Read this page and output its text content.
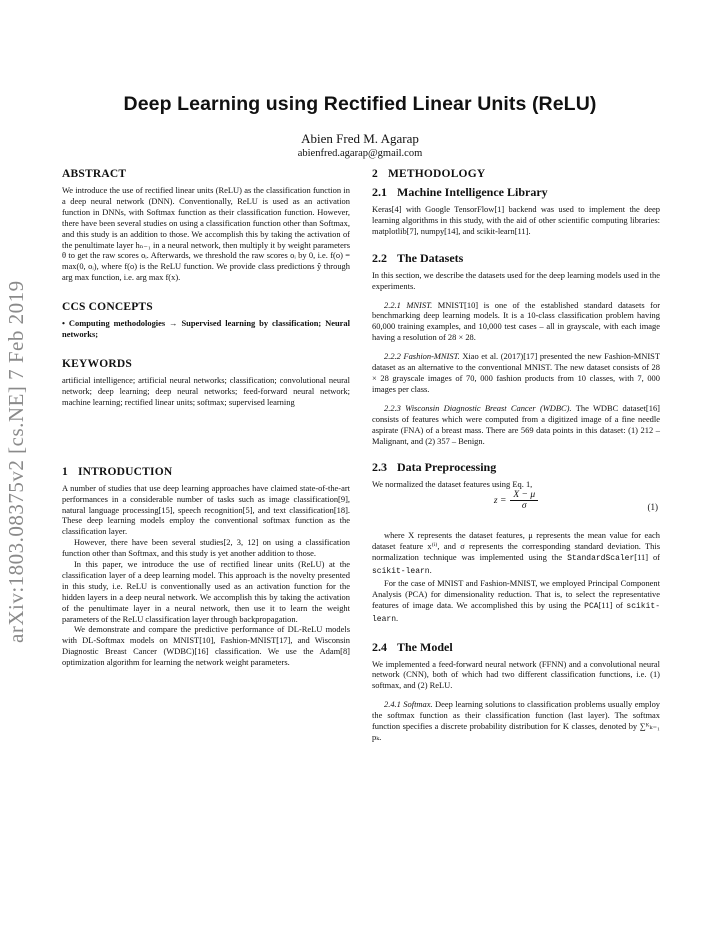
arXiv:1803.08375v2 [cs.NE] 7 Feb 2019
Deep Learning using Rectified Linear Units (ReLU)
Abien Fred M. Agarap
abienfred.agarap@gmail.com
ABSTRACT

We introduce the use of rectified linear units (ReLU) as the classification function in a deep neural network (DNN). Conventionally, ReLU is used as an activation function in DNNs, with Softmax function as their classification function. However, there have been several studies on using a classification function other than Softmax, and this study is an addition to those. We accomplish this by taking the activation of the penultimate layer hₙ₋₁ in a neural network, then multiply it by weight parameters θ to get the raw scores oᵢ. Afterwards, we threshold the raw scores oᵢ by 0, i.e. f(o) = max(0, oᵢ), where f(o) is the ReLU function. We provide class predictions ŷ through arg max function, i.e. arg max f(x).

CCS CONCEPTS

• Computing methodologies → Supervised learning by classification; Neural networks;

KEYWORDS

artificial intelligence; artificial neural networks; classification; convolutional neural network; deep learning; deep neural networks; feed-forward neural network; machine learning; rectified linear units; softmax; supervised learning

1 INTRODUCTION

A number of studies that use deep learning approaches have claimed state-of-the-art performances in a considerable number of tasks such as image classification[9], natural language processing[15], speech recognition[5], and text classification[18]. These deep learning models employ the conventional softmax function as the classification layer.

However, there have been several studies[2, 3, 12] on using a classification function other than Softmax, and this study is yet another addition to those.

In this paper, we introduce the use of rectified linear units (ReLU) at the classification layer of a deep learning model. This approach is the novelty presented in this study, i.e. ReLU is conventionally used as an activation function for the hidden layers in a deep neural network. We accomplish this by taking the activation of the penultimate layer in a neural network, then use it to learn the weight parameters of the ReLU classification layer through backpropagation.

We demonstrate and compare the predictive performance of DL-ReLU models with DL-Softmax models on MNIST[10], Fashion-MNIST[17], and Wisconsin Diagnostic Breast Cancer (WDBC)[16] classification. We use the Adam[8] optimization algorithm for learning the network weight parameters.

2 METHODOLOGY
2.1 Machine Intelligence Library

Keras[4] with Google TensorFlow[1] backend was used to implement the deep learning algorithms in this study, with the aid of other scientific computing libraries: matplotlib[7], numpy[14], and scikit-learn[11].

2.2 The Datasets

In this section, we describe the datasets used for the deep learning models used in the experiments.

2.2.1 MNIST. MNIST[10] is one of the established standard datasets for benchmarking deep learning models. It is a 10-class classification problem having 60,000 training examples, and 10,000 test cases – all in grayscale, with each image having a resolution of 28 × 28.

2.2.2 Fashion-MNIST. Xiao et al. (2017)[17] presented the new Fashion-MNIST dataset as an alternative to the conventional MNIST. The new dataset consists of 28 × 28 grayscale images of 70, 000 fashion products from 10 classes, with 7, 000 images per class.

2.2.3 Wisconsin Diagnostic Breast Cancer (WDBC). The WDBC dataset[16] consists of features which were computed from a digitized image of a fine needle aspirate (FNA) of a breast mass. There are 569 data points in this dataset: (1) 212 – Malignant, and (2) 357 – Benign.

2.3 Data Preprocessing

We normalized the dataset features using Eq. 1,

$z = \frac{X - \mu}{\sigma}$	(1)

where X represents the dataset features, μ represents the mean value for each dataset feature x⁽ⁱ⁾, and σ represents the corresponding standard deviation. This normalization technique was implemented using the StandardScaler[11] of scikit-learn.

For the case of MNIST and Fashion-MNIST, we employed Principal Component Analysis (PCA) for dimensionality reduction. That is, to select the representative features of image data. We accomplished this by using the PCA[11] of scikit-learn.

2.4 The Model

We implemented a feed-forward neural network (FFNN) and a convolutional neural network (CNN), both of which had two different classification functions, i.e. (1) softmax, and (2) ReLU.

2.4.1 Softmax. Deep learning solutions to classification problems usually employ the softmax function as their classification function (last layer). The softmax function specifies a discrete probability distribution for K classes, denoted by ∑ᴷₖ₌₁ pₖ.
